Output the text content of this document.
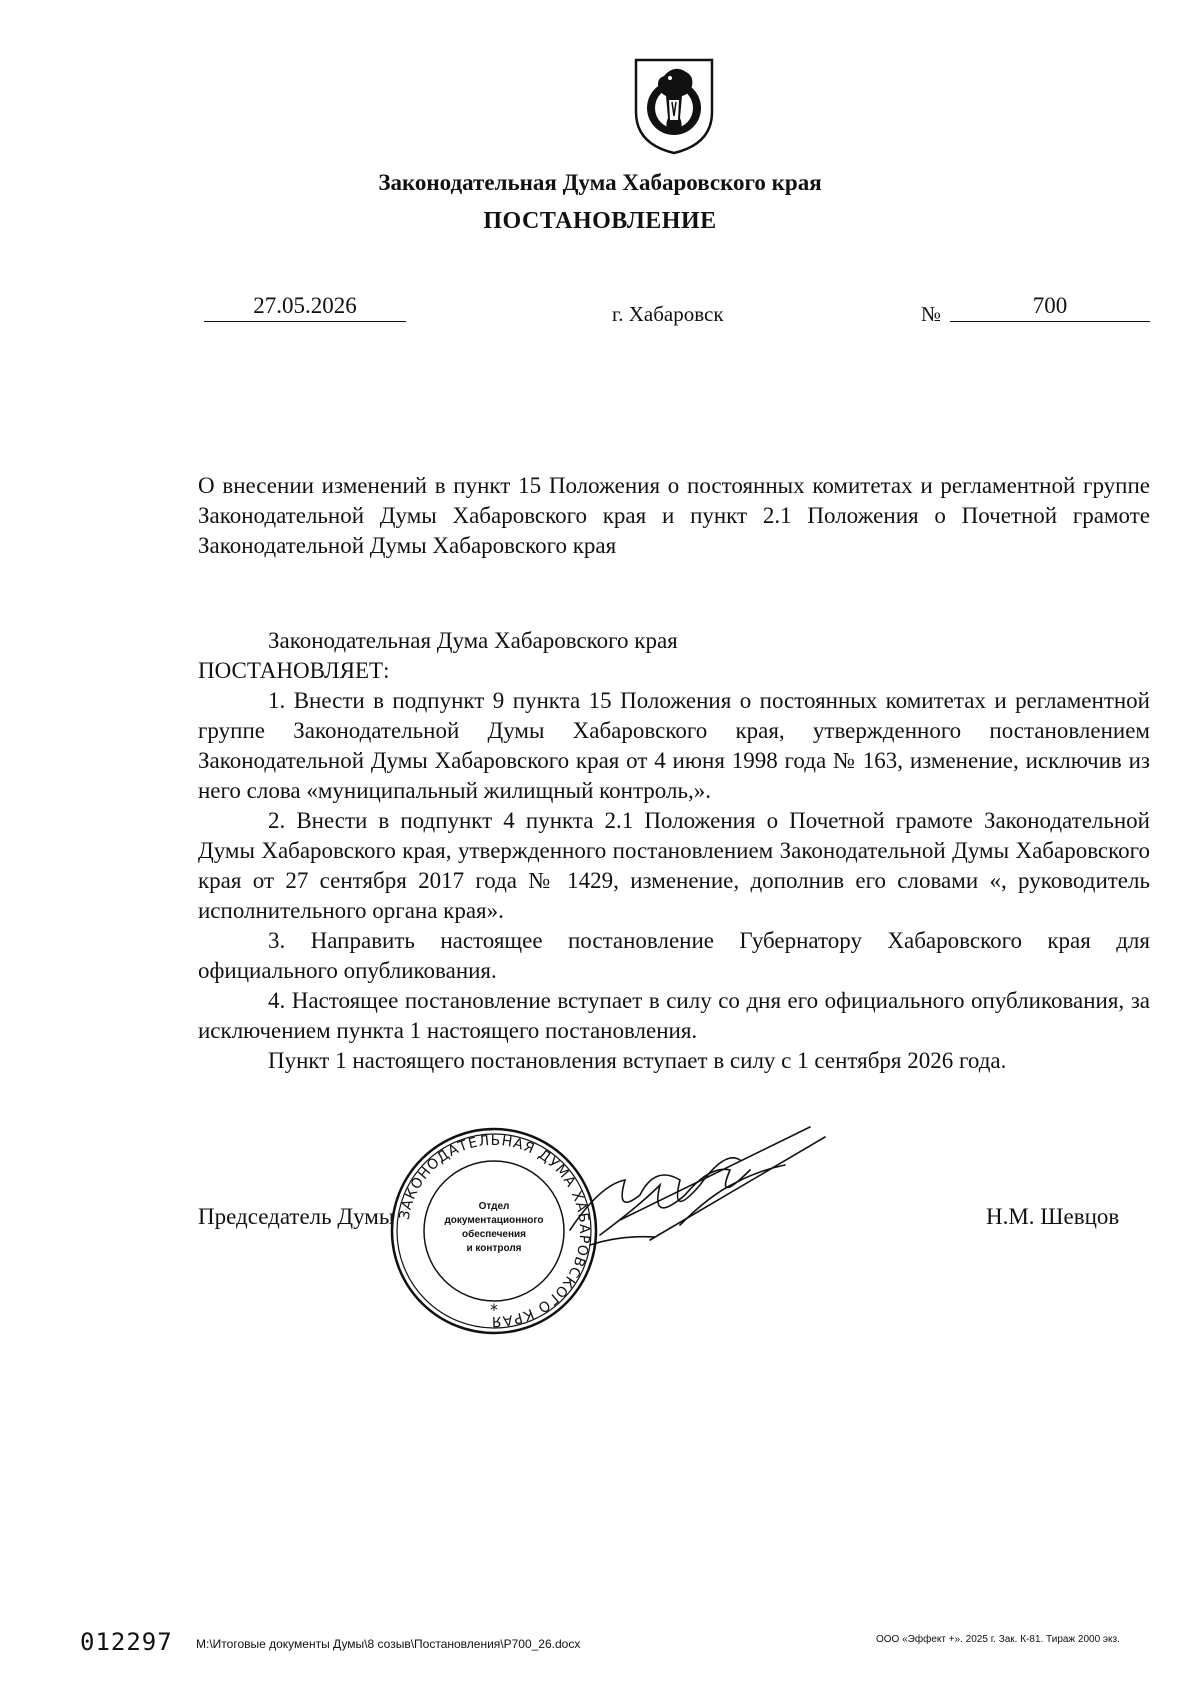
Законодательная Дума Хабаровского края
ПОСТАНОВЛЕНИЕ
27.05.2026	г. Хабаровск	№	700
О внесении изменений в пункт 15 Положения о постоянных комитетах и регламентной группе Законодательной Думы Хабаровского края и пункт 2.1 Положения о Почетной грамоте Законодательной Думы Хабаровского края

Законодательная Дума Хабаровского края

ПОСТАНОВЛЯЕТ:

1. Внести в подпункт 9 пункта 15 Положения о постоянных комитетах и регламентной группе Законодательной Думы Хабаровского края, утвержденного постановлением Законодательной Думы Хабаровского края от 4 июня 1998 года № 163, изменение, исключив из него слова «муниципальный жилищный контроль,».

2. Внести в подпункт 4 пункта 2.1 Положения о Почетной грамоте Законодательной Думы Хабаровского края, утвержденного постановлением Законодательной Думы Хабаровского края от 27 сентября 2017 года № 1429, изменение, дополнив его словами «, руководитель исполнительного органа края».

3. Направить настоящее постановление Губернатору Хабаровского края для официального опубликования.

4. Настоящее постановление вступает в силу со дня его официального опубликования, за исключением пункта 1 настоящего постановления.

Пункт 1 настоящего постановления вступает в силу с 1 сентября 2026 года.

Председатель Думы	Н.М. Шевцов
ЗАКОНОДАТЕЛЬНАЯ ДУМА ХАБАРОВСКОГО КРАЯ
Отдел
документационного
обеспечения
и контроля
*
012297 M:\Итоговые документы Думы\8 созыв\Постановления\P700_26.docx	ООО «Эффект +». 2025 г. Зак. К-81. Тираж 2000 экз.
